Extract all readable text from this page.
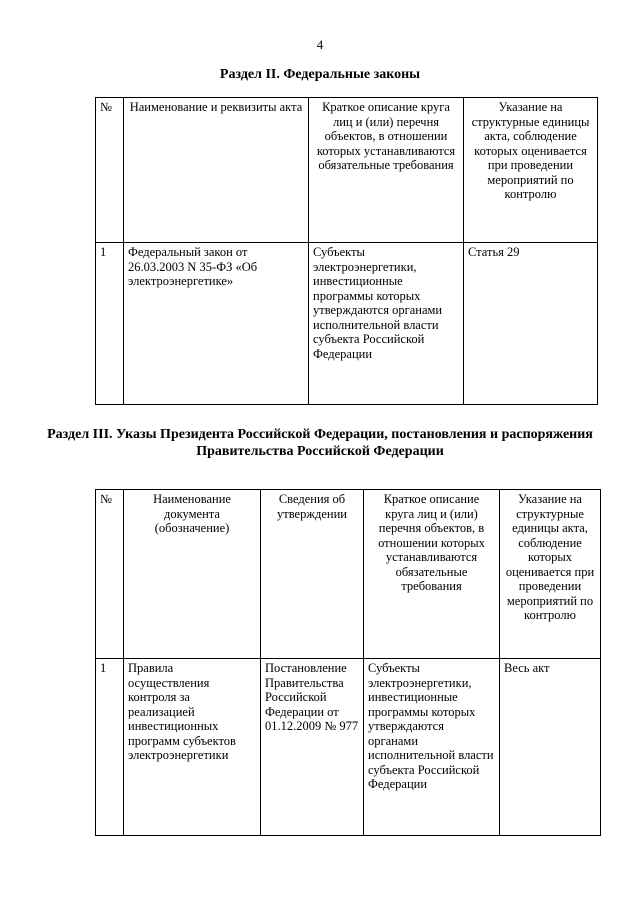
4
Раздел II. Федеральные законы
№	Наименование и реквизиты акта	Краткое описание круга лиц и (или) перечня объектов, в отношении которых устанавливаются обязательные требования	Указание на структурные единицы акта, соблюдение которых оценивается при проведении мероприятий по контролю
1	Федеральный закон от 26.03.2003 N 35-ФЗ «Об электроэнергетике»	Субъекты электроэнергетики, инвестиционные программы которых утверждаются органами исполнительной власти субъекта Российской Федерации	Статья 29
Раздел III. Указы Президента Российской Федерации, постановления и распоряжения Правительства Российской Федерации
№	Наименование документа (обозначение)	Сведения об утверждении	Краткое описание круга лиц и (или) перечня объектов, в отношении которых устанавливаются обязательные требования	Указание на структурные единицы акта, соблюдение которых оценивается при проведении мероприятий по контролю
1	Правила осуществления контроля за реализацией инвестиционных программ субъектов электроэнергетики	Постановление Правительства Российской Федерации от 01.12.2009 № 977	Субъекты электроэнергетики, инвестиционные программы которых утверждаются органами исполнительной власти субъекта Российской Федерации	Весь акт
